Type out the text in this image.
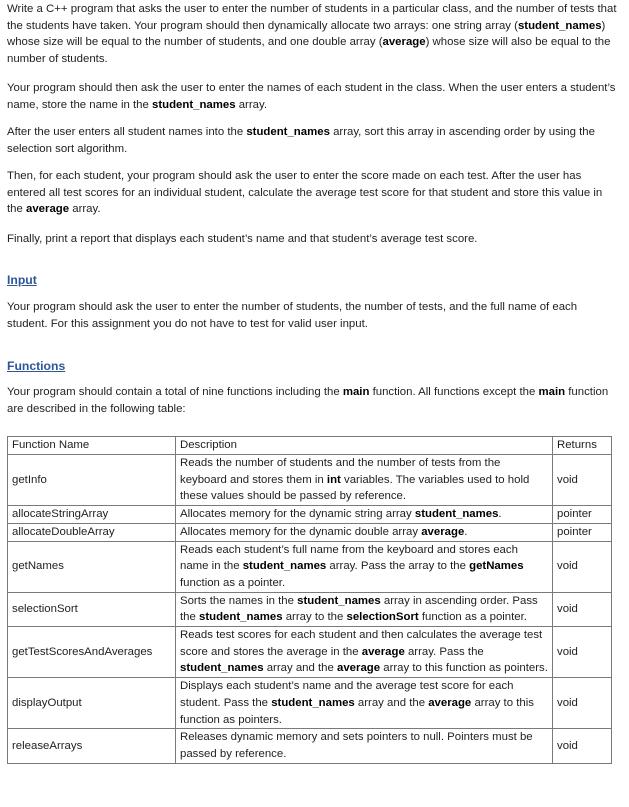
Write a C++ program that asks the user to enter the number of students in a particular class, and the number of tests that the students have taken. Your program should then dynamically allocate two arrays: one string array (student_names) whose size will be equal to the number of students, and one double array (average) whose size will also be equal to the number of students.

Your program should then ask the user to enter the names of each student in the class. When the user enters a student’s name, store the name in the student_names array.

After the user enters all student names into the student_names array, sort this array in ascending order by using the selection sort algorithm.

Then, for each student, your program should ask the user to enter the score made on each test. After the user has entered all test scores for an individual student, calculate the average test score for that student and store this value in the average array.

Finally, print a report that displays each student’s name and that student’s average test score.

Input

Your program should ask the user to enter the number of students, the number of tests, and the full name of each student. For this assignment you do not have to test for valid user input.

Functions

Your program should contain a total of nine functions including the main function. All functions except the main function are described in the following table:

Function Name	Description	Returns
getInfo	Reads the number of students and the number of tests from the keyboard and stores them in int variables. The variables used to hold these values should be passed by reference.	void
allocateStringArray	Allocates memory for the dynamic string array student_names.	pointer
allocateDoubleArray	Allocates memory for the dynamic double array average.	pointer
getNames	Reads each student’s full name from the keyboard and stores each name in the student_names array. Pass the array to the getNames function as a pointer.	void
selectionSort	Sorts the names in the student_names array in ascending order. Pass the student_names array to the selectionSort function as a pointer.	void
getTestScoresAndAverages	Reads test scores for each student and then calculates the average test score and stores the average in the average array. Pass the student_names array and the average array to this function as pointers.	void
displayOutput	Displays each student’s name and the average test score for each student. Pass the student_names array and the average array to this function as pointers.	void
releaseArrays	Releases dynamic memory and sets pointers to null. Pointers must be passed by reference.	void
